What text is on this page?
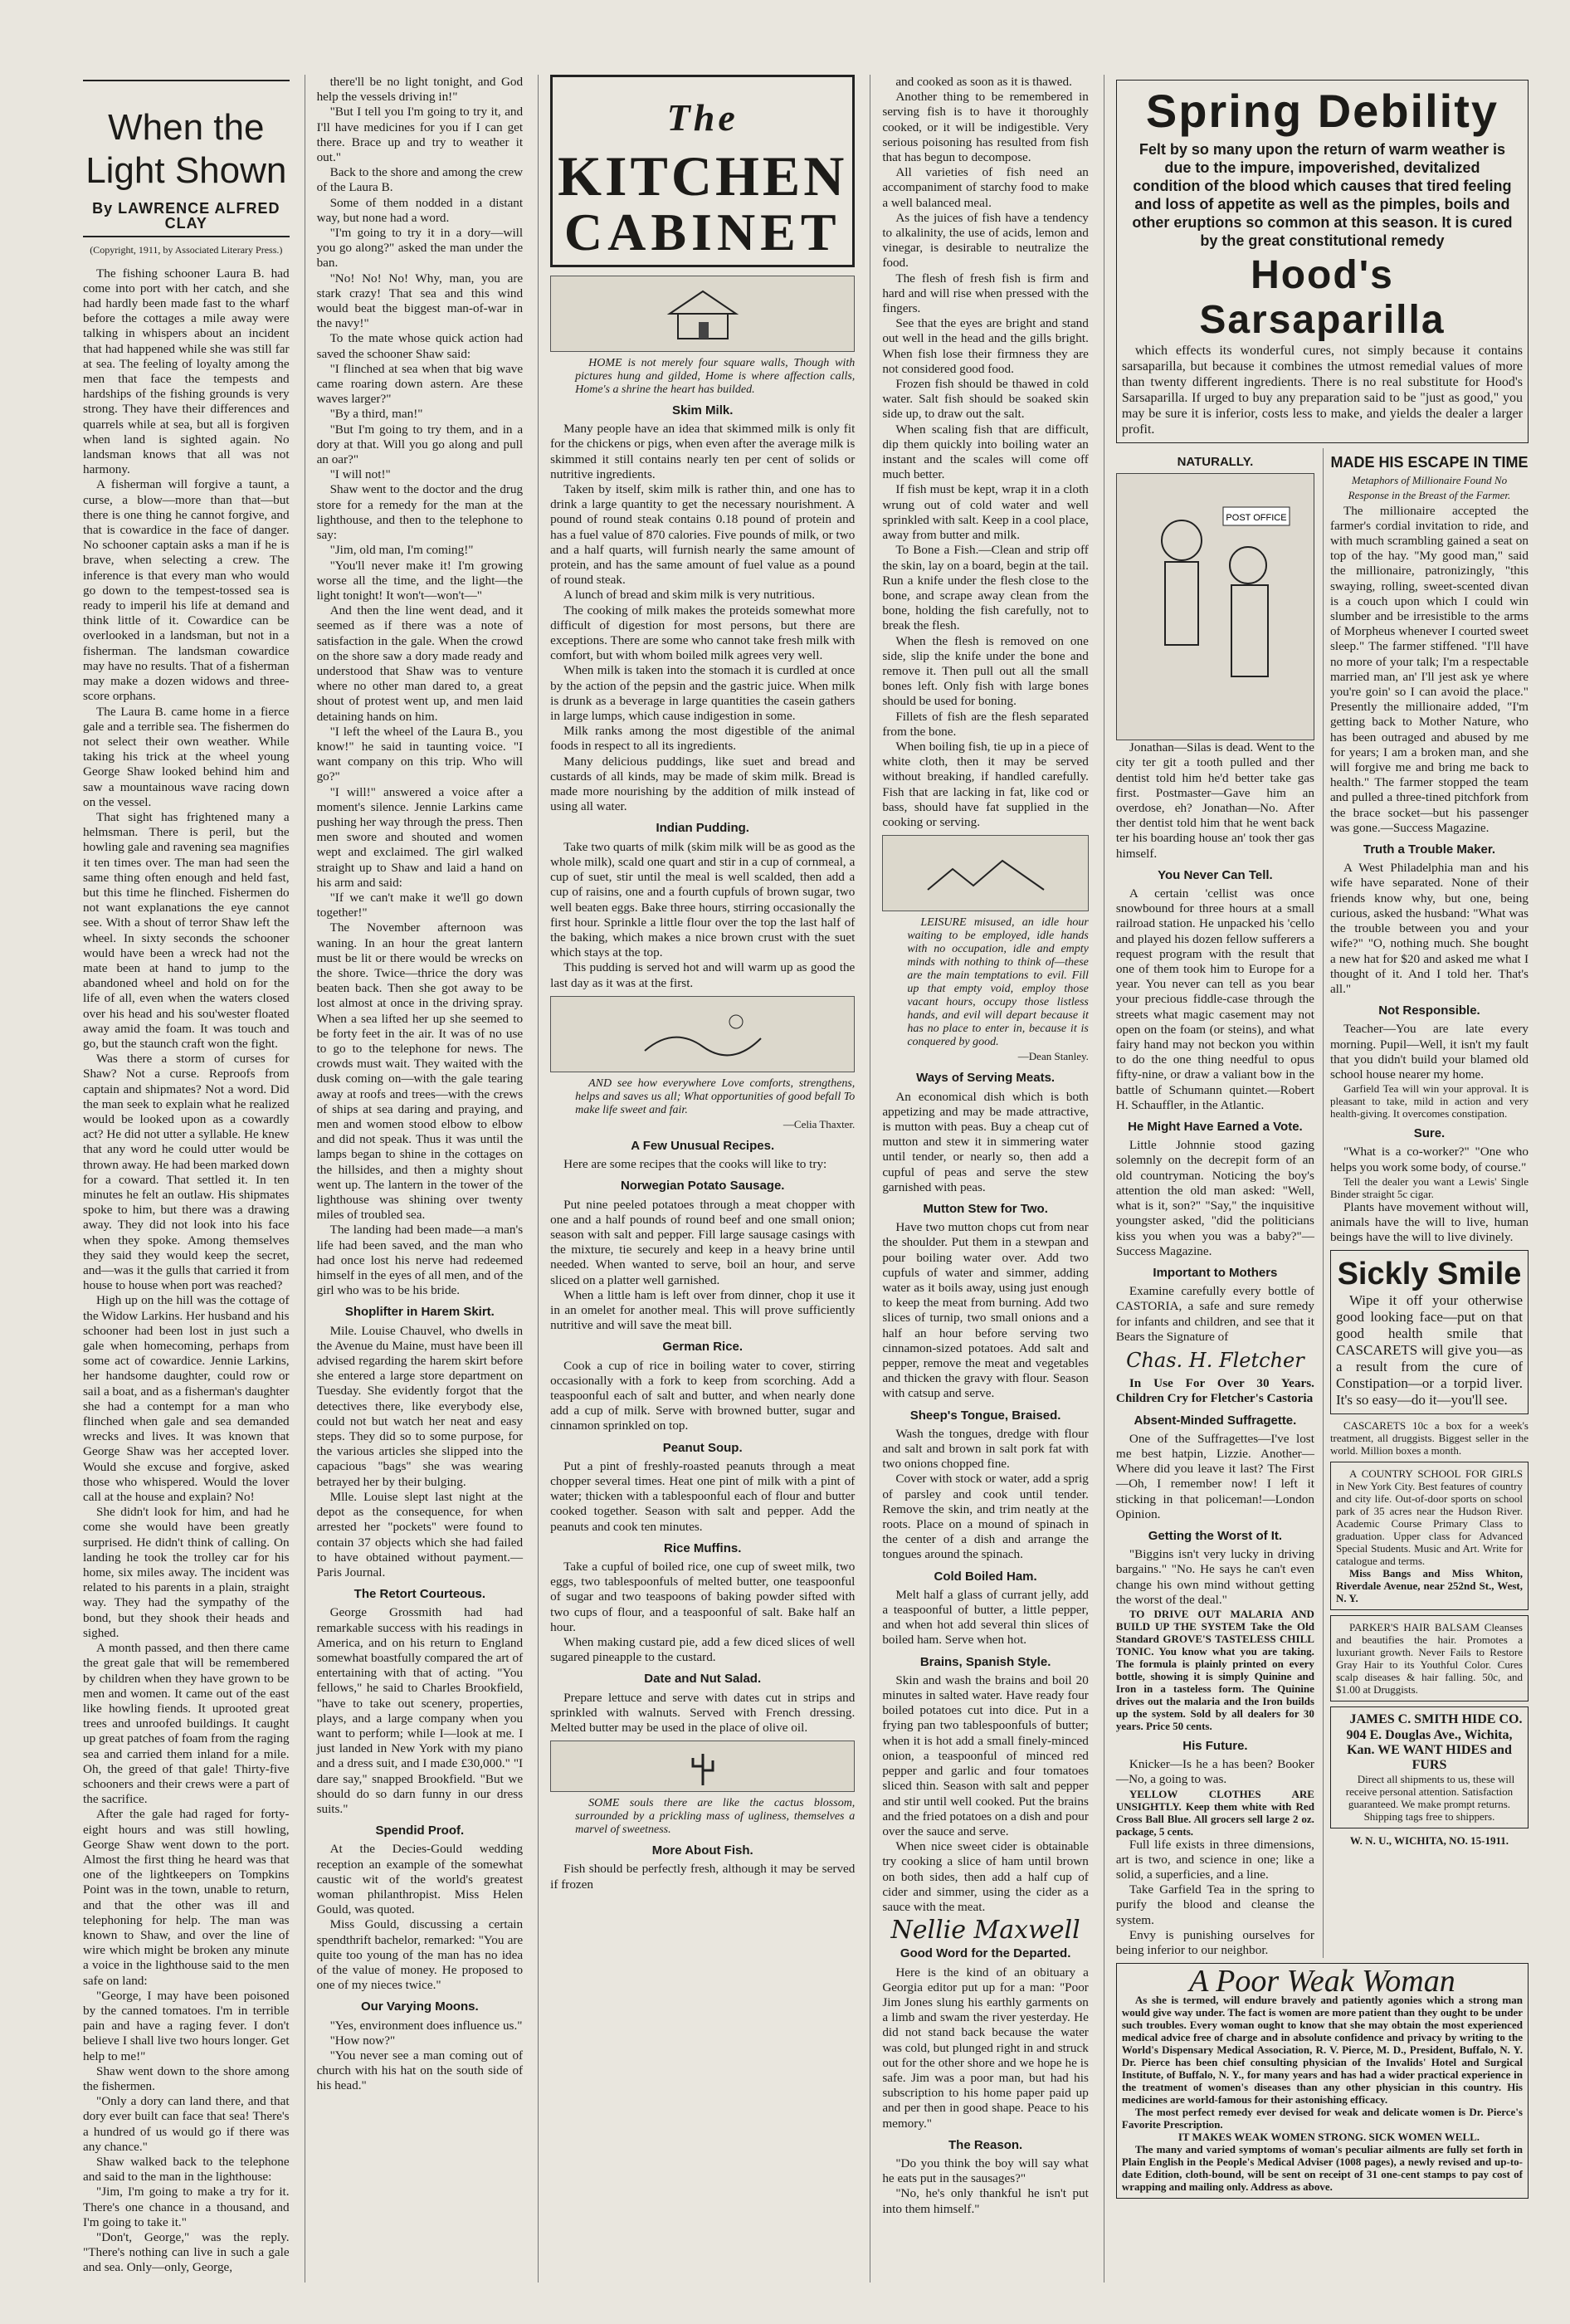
When the Light Shown
By LAWRENCE ALFRED CLAY
(Copyright, 1911, by Associated Literary Press.)

The fishing schooner Laura B. had come into port with her catch, and she had hardly been made fast to the wharf before the cottages a mile away were talking in whispers about an incident that had happened while she was still far at sea. The feeling of loyalty among the men that face the tempests and hardships of the fishing grounds is very strong. They have their differences and quarrels while at sea, but all is forgiven when land is sighted again. No landsman knows that all was not harmony.

A fisherman will forgive a taunt, a curse, a blow—more than that—but there is one thing he cannot forgive, and that is cowardice in the face of danger. No schooner captain asks a man if he is brave, when selecting a crew. The inference is that every man who would go down to the tempest-tossed sea is ready to imperil his life at demand and think little of it. Cowardice can be overlooked in a landsman, but not in a fisherman. The landsman cowardice may have no results. That of a fisherman may make a dozen widows and three-score orphans.

The Laura B. came home in a fierce gale and a terrible sea. The fishermen do not select their own weather. While taking his trick at the wheel young George Shaw looked behind him and saw a mountainous wave racing down on the vessel.

That sight has frightened many a helmsman. There is peril, but the howling gale and ravening sea magnifies it ten times over. The man had seen the same thing often enough and held fast, but this time he flinched. Fishermen do not want explanations the eye cannot see. With a shout of terror Shaw left the wheel. In sixty seconds the schooner would have been a wreck had not the mate been at hand to jump to the abandoned wheel and hold on for the life of all, even when the waters closed over his head and his sou'wester floated away amid the foam. It was touch and go, but the staunch craft won the fight.

Was there a storm of curses for Shaw? Not a curse. Reproofs from captain and shipmates? Not a word. Did the man seek to explain what he realized would be looked upon as a cowardly act? He did not utter a syllable. He knew that any word he could utter would be thrown away. He had been marked down for a coward. That settled it. In ten minutes he felt an outlaw. His shipmates spoke to him, but there was a drawing away. They did not look into his face when they spoke. Among themselves they said they would keep the secret, and—was it the gulls that carried it from house to house when port was reached?

High up on the hill was the cottage of the Widow Larkins. Her husband and his schooner had been lost in just such a gale when homecoming, perhaps from some act of cowardice. Jennie Larkins, her handsome daughter, could row or sail a boat, and as a fisherman's daughter she had a contempt for a man who flinched when gale and sea demanded wrecks and lives. It was known that George Shaw was her accepted lover. Would she excuse and forgive, asked those who whispered. Would the lover call at the house and explain? No!

She didn't look for him, and had he come she would have been greatly surprised. He didn't think of calling. On landing he took the trolley car for his home, six miles away. The incident was related to his parents in a plain, straight way. They had the sympathy of the bond, but they shook their heads and sighed.

A month passed, and then there came the great gale that will be remembered by children when they have grown to be men and women. It came out of the east like howling fiends. It uprooted great trees and unroofed buildings. It caught up great patches of foam from the raging sea and carried them inland for a mile. Oh, the greed of that gale! Thirty-five schooners and their crews were a part of the sacrifice.

After the gale had raged for forty-eight hours and was still howling, George Shaw went down to the port. Almost the first thing he heard was that one of the lightkeepers on Tompkins Point was in the town, unable to return, and that the other was ill and telephoning for help. The man was known to Shaw, and over the line of wire which might be broken any minute a voice in the lighthouse said to the men safe on land:

"George, I may have been poisoned by the canned tomatoes. I'm in terrible pain and have a raging fever. I don't believe I shall live two hours longer. Get help to me!"

Shaw went down to the shore among the fishermen.

"Only a dory can land there, and that dory ever built can face that sea! There's a hundred of us would go if there was any chance."

Shaw walked back to the telephone and said to the man in the lighthouse:

"Jim, I'm going to make a try for it. There's one chance in a thousand, and I'm going to take it."

"Don't, George," was the reply. "There's nothing can live in such a gale and sea. Only—only, George,

there'll be no light tonight, and God help the vessels driving in!"

"But I tell you I'm going to try it, and I'll have medicines for you if I can get there. Brace up and try to weather it out."

Back to the shore and among the crew of the Laura B.

Some of them nodded in a distant way, but none had a word.

"I'm going to try it in a dory—will you go along?" asked the man under the ban.

"No! No! No! Why, man, you are stark crazy! That sea and this wind would beat the biggest man-of-war in the navy!"

To the mate whose quick action had saved the schooner Shaw said:

"I flinched at sea when that big wave came roaring down astern. Are these waves larger?"

"By a third, man!"

"But I'm going to try them, and in a dory at that. Will you go along and pull an oar?"

"I will not!"

Shaw went to the doctor and the drug store for a remedy for the man at the lighthouse, and then to the telephone to say:

"Jim, old man, I'm coming!"

"You'll never make it! I'm growing worse all the time, and the light—the light tonight! It won't—won't—"

And then the line went dead, and it seemed as if there was a note of satisfaction in the gale. When the crowd on the shore saw a dory made ready and understood that Shaw was to venture where no other man dared to, a great shout of protest went up, and men laid detaining hands on him.

"I left the wheel of the Laura B., you know!" he said in taunting voice. "I want company on this trip. Who will go?"

"I will!" answered a voice after a moment's silence. Jennie Larkins came pushing her way through the press. Then men swore and shouted and women wept and exclaimed. The girl walked straight up to Shaw and laid a hand on his arm and said:

"If we can't make it we'll go down together!"

The November afternoon was waning. In an hour the great lantern must be lit or there would be wrecks on the shore. Twice—thrice the dory was beaten back. Then she got away to be lost almost at once in the driving spray. When a sea lifted her up she seemed to be forty feet in the air. It was of no use to go to the telephone for news. The crowds must wait. They waited with the dusk coming on—with the gale tearing away at roofs and trees—with the crews of ships at sea daring and praying, and men and women stood elbow to elbow and did not speak. Thus it was until the lamps began to shine in the cottages on the hillsides, and then a mighty shout went up. The lantern in the tower of the lighthouse was shining over twenty miles of troubled sea.

The landing had been made—a man's life had been saved, and the man who had once lost his nerve had redeemed himself in the eyes of all men, and of the girl who was to be his bride.

Shoplifter in Harem Skirt.

Mile. Louise Chauvel, who dwells in the Avenue du Maine, must have been ill advised regarding the harem skirt before she entered a large store department on Tuesday. She evidently forgot that the detectives there, like everybody else, could not but watch her neat and easy steps. They did so to some purpose, for the various articles she slipped into the capacious "bags" she was wearing betrayed her by their bulging.

Mlle. Louise slept last night at the depot as the consequence, for when arrested her "pockets" were found to contain 37 objects which she had failed to have obtained without payment.—Paris Journal.

The Retort Courteous.

George Grossmith had had remarkable success with his readings in America, and on his return to England somewhat boastfully compared the art of entertaining with that of acting. "You fellows," he said to Charles Brookfield, "have to take out scenery, properties, plays, and a large company when you want to perform; while I—look at me. I just landed in New York with my piano and a dress suit, and I made £30,000." "I dare say," snapped Brookfield. "But we should do so darn funny in our dress suits."

Spendid Proof.

At the Decies-Gould wedding reception an example of the somewhat caustic wit of the world's greatest woman philanthropist. Miss Helen Gould, was quoted.

Miss Gould, discussing a certain spendthrift bachelor, remarked: "You are quite too young of the man has no idea of the value of money. He proposed to one of my nieces twice."

Our Varying Moons.

"Yes, environment does influence us."

"How now?"

"You never see a man coming out of church with his hat on the south side of his head."

The KITCHEN
CABINET

HOME is not merely four square walls, Though with pictures hung and gilded, Home is where affection calls, Home's a shrine the heart has builded.

Skim Milk.

Many people have an idea that skimmed milk is only fit for the chickens or pigs, when even after the average milk is skimmed it still contains nearly ten per cent of solids or nutritive ingredients.

Taken by itself, skim milk is rather thin, and one has to drink a large quantity to get the necessary nourishment. A pound of round steak contains 0.18 pound of protein and has a fuel value of 870 calories. Five pounds of milk, or two and a half quarts, will furnish nearly the same amount of protein, and has the same amount of fuel value as a pound of round steak.

A lunch of bread and skim milk is very nutritious.

The cooking of milk makes the proteids somewhat more difficult of digestion for most persons, but there are exceptions. There are some who cannot take fresh milk with comfort, but with whom boiled milk agrees very well.

When milk is taken into the stomach it is curdled at once by the action of the pepsin and the gastric juice. When milk is drunk as a beverage in large quantities the casein gathers in large lumps, which cause indigestion in some.

Milk ranks among the most digestible of the animal foods in respect to all its ingredients.

Many delicious puddings, like suet and bread and custards of all kinds, may be made of skim milk. Bread is made more nourishing by the addition of milk instead of using all water.

Indian Pudding.

Take two quarts of milk (skim milk will be as good as the whole milk), scald one quart and stir in a cup of cornmeal, a cup of suet, stir until the meal is well scalded, then add a cup of raisins, one and a fourth cupfuls of brown sugar, two well beaten eggs. Bake three hours, stirring occasionally the first hour. Sprinkle a little flour over the top the last half of the baking, which makes a nice brown crust with the suet which stays at the top.

This pudding is served hot and will warm up as good the last day as it was at the first.

AND see how everywhere Love comforts, strengthens, helps and saves us all; What opportunities of good befall To make life sweet and fair.

—Celia Thaxter.
A Few Unusual Recipes.

Here are some recipes that the cooks will like to try:

Norwegian Potato Sausage.

Put nine peeled potatoes through a meat chopper with one and a half pounds of round beef and one small onion; season with salt and pepper. Fill large sausage casings with the mixture, tie securely and keep in a heavy brine until needed. When wanted to serve, boil an hour, and serve sliced on a platter well garnished.

When a little ham is left over from dinner, chop it use it in an omelet for another meal. This will prove sufficiently nutritive and will save the meat bill.

German Rice.

Cook a cup of rice in boiling water to cover, stirring occasionally with a fork to keep from scorching. Add a teaspoonful each of salt and butter, and when nearly done add a cup of milk. Serve with browned butter, sugar and cinnamon sprinkled on top.

Peanut Soup.

Put a pint of freshly-roasted peanuts through a meat chopper several times. Heat one pint of milk with a pint of water; thicken with a tablespoonful each of flour and butter cooked together. Season with salt and pepper. Add the peanuts and cook ten minutes.

Rice Muffins.

Take a cupful of boiled rice, one cup of sweet milk, two eggs, two tablespoonfuls of melted butter, one teaspoonful of sugar and two teaspoons of baking powder sifted with two cups of flour, and a teaspoonful of salt. Bake half an hour.

When making custard pie, add a few diced slices of well sugared pineapple to the custard.

Date and Nut Salad.

Prepare lettuce and serve with dates cut in strips and sprinkled with walnuts. Served with French dressing. Melted butter may be used in the place of olive oil.

SOME souls there are like the cactus blossom, surrounded by a prickling mass of ugliness, themselves a marvel of sweetness.

More About Fish.

Fish should be perfectly fresh, although it may be served if frozen

and cooked as soon as it is thawed.

Another thing to be remembered in serving fish is to have it thoroughly cooked, or it will be indigestible. Very serious poisoning has resulted from fish that has begun to decompose.

All varieties of fish need an accompaniment of starchy food to make a well balanced meal.

As the juices of fish have a tendency to alkalinity, the use of acids, lemon and vinegar, is desirable to neutralize the food.

The flesh of fresh fish is firm and hard and will rise when pressed with the fingers.

See that the eyes are bright and stand out well in the head and the gills bright. When fish lose their firmness they are not considered good food.

Frozen fish should be thawed in cold water. Salt fish should be soaked skin side up, to draw out the salt.

When scaling fish that are difficult, dip them quickly into boiling water an instant and the scales will come off much better.

If fish must be kept, wrap it in a cloth wrung out of cold water and well sprinkled with salt. Keep in a cool place, away from butter and milk.

To Bone a Fish.—Clean and strip off the skin, lay on a board, begin at the tail. Run a knife under the flesh close to the bone, and scrape away clean from the bone, holding the fish carefully, not to break the flesh.

When the flesh is removed on one side, slip the knife under the bone and remove it. Then pull out all the small bones left. Only fish with large bones should be used for boning.

Fillets of fish are the flesh separated from the bone.

When boiling fish, tie up in a piece of white cloth, then it may be served without breaking, if handled carefully. Fish that are lacking in fat, like cod or bass, should have fat supplied in the cooking or serving.

LEISURE misused, an idle hour waiting to be employed, idle hands with no occupation, idle and empty minds with nothing to think of—these are the main temptations to evil. Fill up that empty void, employ those vacant hours, occupy those listless hands, and evil will depart because it has no place to enter in, because it is conquered by good.

—Dean Stanley.
Ways of Serving Meats.

An economical dish which is both appetizing and may be made attractive, is mutton with peas. Buy a cheap cut of mutton and stew it in simmering water until tender, or nearly so, then add a cupful of peas and serve the stew garnished with peas.

Mutton Stew for Two.

Have two mutton chops cut from near the shoulder. Put them in a stewpan and pour boiling water over. Add two cupfuls of water and simmer, adding water as it boils away, using just enough to keep the meat from burning. Add two slices of turnip, two small onions and a half an hour before serving two cinnamon-sized potatoes. Add salt and pepper, remove the meat and vegetables and thicken the gravy with flour. Season with catsup and serve.

Sheep's Tongue, Braised.

Wash the tongues, dredge with flour and salt and brown in salt pork fat with two onions chopped fine.

Cover with stock or water, add a sprig of parsley and cook until tender. Remove the skin, and trim neatly at the roots. Place on a mound of spinach in the center of a dish and arrange the tongues around the spinach.

Cold Boiled Ham.

Melt half a glass of currant jelly, add a teaspoonful of butter, a little pepper, and when hot add several thin slices of boiled ham. Serve when hot.

Brains, Spanish Style.

Skin and wash the brains and boil 20 minutes in salted water. Have ready four boiled potatoes cut into dice. Put in a frying pan two tablespoonfuls of butter; when it is hot add a small finely-minced onion, a teaspoonful of minced red pepper and garlic and four tomatoes sliced thin. Season with salt and pepper and stir until well cooked. Put the brains and the fried potatoes on a dish and pour over the sauce and serve.

When nice sweet cider is obtainable try cooking a slice of ham until brown on both sides, then add a half cup of cider and simmer, using the cider as a sauce with the meat.

Nellie Maxwell
Good Word for the Departed.

Here is the kind of an obituary a Georgia editor put up for a man: "Poor Jim Jones slung his earthly garments on a limb and swam the river yesterday. He did not stand back because the water was cold, but plunged right in and struck out for the other shore and we hope he is safe. Jim was a poor man, but had his subscription to his home paper paid up and per then in good shape. Peace to his memory."

The Reason.

"Do you think the boy will say what he eats put in the sausages?"

"No, he's only thankful he isn't put into them himself."

Spring Debility
Felt by so many upon the return of warm weather is due to the impure, impoverished, devitalized condition of the blood which causes that tired feeling and loss of appetite as well as the pimples, boils and other eruptions so common at this season. It is cured by the great constitutional remedy
Hood's Sarsaparilla

which effects its wonderful cures, not simply because it contains sarsaparilla, but because it combines the utmost remedial values of more than twenty different ingredients. There is no real substitute for Hood's Sarsaparilla. If urged to buy any preparation said to be "just as good," you may be sure it is inferior, costs less to make, and yields the dealer a larger profit.

NATURALLY.
POST OFFICE

Jonathan—Silas is dead. Went to the city ter git a tooth pulled and ther dentist told him he'd better take gas first. Postmaster—Gave him an overdose, eh? Jonathan—No. After ther dentist told him that he went back ter his boarding house an' took ther gas himself.

You Never Can Tell.

A certain 'cellist was once snowbound for three hours at a small railroad station. He unpacked his 'cello and played his dozen fellow sufferers a request program with the result that one of them took him to Europe for a year. You never can tell as you bear your precious fiddle-case through the streets what magic casement may not open on the foam (or steins), and what fairy hand may not beckon you within to do the one thing needful to opus fifty-nine, or draw a valiant bow in the battle of Schumann quintet.—Robert H. Schauffler, in the Atlantic.

He Might Have Earned a Vote.

Little Johnnie stood gazing solemnly on the decrepit form of an old countryman. Noticing the boy's attention the old man asked: "Well, what is it, son?" "Say," the inquisitive youngster asked, "did the politicians kiss you when you was a baby?"—Success Magazine.

Important to Mothers

Examine carefully every bottle of CASTORIA, a safe and sure remedy for infants and children, and see that it Bears the Signature of

Chas. H. Fletcher

In Use For Over 30 Years. Children Cry for Fletcher's Castoria

Absent-Minded Suffragette.

One of the Suffragettes—I've lost me best hatpin, Lizzie. Another—Where did you leave it last? The First—Oh, I remember now! I left it sticking in that policeman!—London Opinion.

Getting the Worst of It.

"Biggins isn't very lucky in driving bargains." "No. He says he can't even change his own mind without getting the worst of the deal."

TO DRIVE OUT MALARIA AND BUILD UP THE SYSTEM Take the Old Standard GROVE'S TASTELESS CHILL TONIC. You know what you are taking. The formula is plainly printed on every bottle, showing it is simply Quinine and Iron in a tasteless form. The Quinine drives out the malaria and the Iron builds up the system. Sold by all dealers for 30 years. Price 50 cents.

His Future.

Knicker—Is he a has been? Booker—No, a going to was.

YELLOW CLOTHES ARE UNSIGHTLY. Keep them white with Red Cross Ball Blue. All grocers sell large 2 oz. package, 5 cents.

Full life exists in three dimensions, art is two, and science in one; like a solid, a superficies, and a line.

Take Garfield Tea in the spring to purify the blood and cleanse the system.

Envy is punishing ourselves for being inferior to our neighbor.

MADE HIS ESCAPE IN TIME
Metaphors of Millionaire Found No Response in the Breast of the Farmer.

The millionaire accepted the farmer's cordial invitation to ride, and with much scrambling gained a seat on top of the hay. "My good man," said the millionaire, patronizingly, "this swaying, rolling, sweet-scented divan is a couch upon which I could win slumber and be irresistible to the arms of Morpheus whenever I courted sweet sleep." The farmer stiffened. "I'll have no more of your talk; I'm a respectable married man, an' I'll jest ask ye where you're goin' so I can avoid the place." Presently the millionaire added, "I'm getting back to Mother Nature, who has been outraged and abused by me for years; I am a broken man, and she will forgive me and bring me back to health." The farmer stopped the team and pulled a three-tined pitchfork from the brace socket—but his passenger was gone.—Success Magazine.

Truth a Trouble Maker.

A West Philadelphia man and his wife have separated. None of their friends know why, but one, being curious, asked the husband: "What was the trouble between you and your wife?" "O, nothing much. She bought a new hat for $20 and asked me what I thought of it. And I told her. That's all."

Not Responsible.

Teacher—You are late every morning. Pupil—Well, it isn't my fault that you didn't build your blamed old school house nearer my home.

Garfield Tea will win your approval. It is pleasant to take, mild in action and very health-giving. It overcomes constipation.

Sure.

"What is a co-worker?" "One who helps you work some body, of course."

Tell the dealer you want a Lewis' Single Binder straight 5c cigar.

Plants have movement without will, animals have the will to live, human beings have the will to live divinely.

Sickly Smile

Wipe it off your otherwise good looking face—put on that good health smile that CASCARETS will give you—as a result from the cure of Constipation—or a torpid liver. It's so easy—do it—you'll see.

CASCARETS 10c a box for a week's treatment, all druggists. Biggest seller in the world. Million boxes a month.

A COUNTRY SCHOOL FOR GIRLS in New York City. Best features of country and city life. Out-of-door sports on school park of 35 acres near the Hudson River. Academic Course Primary Class to graduation. Upper class for Advanced Special Students. Music and Art. Write for catalogue and terms.

Miss Bangs and Miss Whiton, Riverdale Avenue, near 252nd St., West, N. Y.

PARKER'S HAIR BALSAM Cleanses and beautifies the hair. Promotes a luxuriant growth. Never Fails to Restore Gray Hair to its Youthful Color. Cures scalp diseases & hair falling. 50c, and $1.00 at Druggists.

JAMES C. SMITH HIDE CO. 904 E. Douglas Ave., Wichita, Kan. WE WANT HIDES and FURS

Direct all shipments to us, these will receive personal attention. Satisfaction guaranteed. We make prompt returns. Shipping tags free to shippers.

W. N. U., WICHITA, NO. 15-1911.
A Poor Weak Woman

As she is termed, will endure bravely and patiently agonies which a strong man would give way under. The fact is women are more patient than they ought to be under such troubles. Every woman ought to know that she may obtain the most experienced medical advice free of charge and in absolute confidence and privacy by writing to the World's Dispensary Medical Association, R. V. Pierce, M. D., President, Buffalo, N. Y. Dr. Pierce has been chief consulting physician of the Invalids' Hotel and Surgical Institute, of Buffalo, N. Y., for many years and has had a wider practical experience in the treatment of women's diseases than any other physician in this country. His medicines are world-famous for their astonishing efficacy.

The most perfect remedy ever devised for weak and delicate women is Dr. Pierce's Favorite Prescription.

IT MAKES WEAK WOMEN STRONG. SICK WOMEN WELL.

The many and varied symptoms of woman's peculiar ailments are fully set forth in Plain English in the People's Medical Adviser (1008 pages), a newly revised and up-to-date Edition, cloth-bound, will be sent on receipt of 31 one-cent stamps to pay cost of wrapping and mailing only. Address as above.
